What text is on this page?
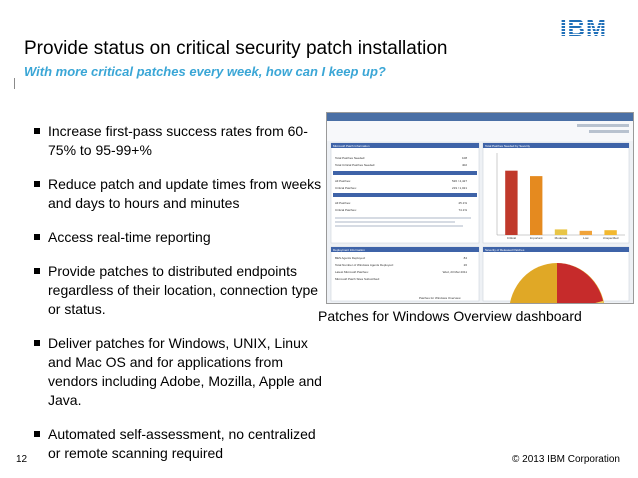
IBM
Provide status on critical security patch installation
With more critical patches every week, how can I keep up?
Increase first-pass success rates from 60-75% to 95-99+%
Reduce patch and update times from weeks and days to hours and minutes
Access real-time reporting
Provide patches to distributed endpoints regardless of their location, connection type or status.
Deliver patches for Windows, UNIX, Linux and Mac OS and for applications from vendors including Adobe, Mozilla, Apple and Java.
Automated self-assessment, no centralized or remote scanning required
Microsoft Patch Information
Total Patches Needed:	108
Total Critical Patches Needed:	402
All Patches:	526 / 4,427
Critical Patches:	219 / 1,021
All Patches:	25.1%
Critical Patches:	74.1%
Total Patches Needed by Severity
Critical	Important	Moderate	Low	Unspecified
Deployment Information
BES Agents Deployed:	84
Total Number of Windows Agents Deployed:	26
Latest Microsoft Patches:	Wed, 23 Mar 2011
Microsoft Patch Sites Subscribed:
Severity of Released Patches
Patches for Windows Overview
Patches for Windows Overview dashboard
12	© 2013 IBM Corporation
